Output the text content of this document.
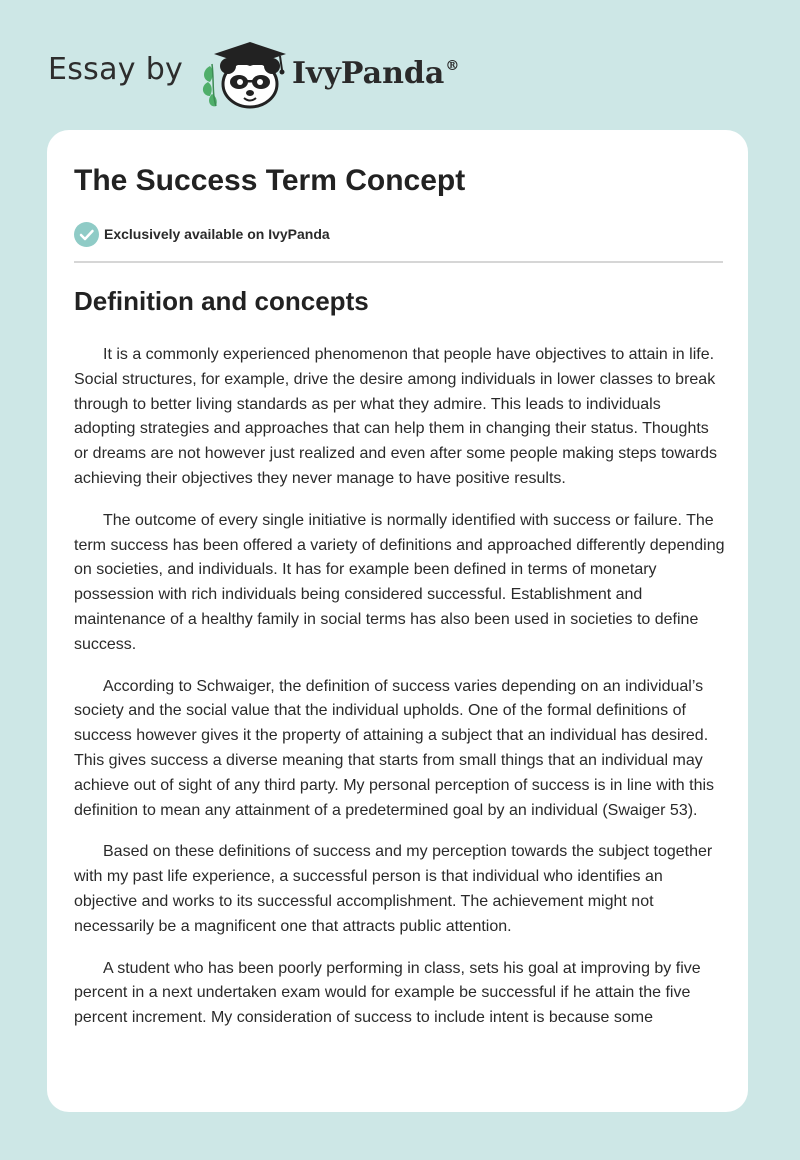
Essay by	IvyPanda®
The Success Term Concept
Exclusively available on IvyPanda
Definition and concepts

It is a commonly experienced phenomenon that people have objectives to attain in life. Social structures, for example, drive the desire among individuals in lower classes to break through to better living standards as per what they admire. This leads to individuals adopting strategies and approaches that can help them in changing their status. Thoughts or dreams are not however just realized and even after some people making steps towards achieving their objectives they never manage to have positive results.

The outcome of every single initiative is normally identified with success or failure. The term success has been offered a variety of definitions and approached differently depending on societies, and individuals. It has for example been defined in terms of monetary possession with rich individuals being considered successful. Establishment and maintenance of a healthy family in social terms has also been used in societies to define success.

According to Schwaiger, the definition of success varies depending on an individual’s society and the social value that the individual upholds. One of the formal definitions of success however gives it the property of attaining a subject that an individual has desired. This gives success a diverse meaning that starts from small things that an individual may achieve out of sight of any third party. My personal perception of success is in line with this definition to mean any attainment of a predetermined goal by an individual (Swaiger 53).

Based on these definitions of success and my perception towards the subject together with my past life experience, a successful person is that individual who identifies an objective and works to its successful accomplishment. The achievement might not necessarily be a magnificent one that attracts public attention.

A student who has been poorly performing in class, sets his goal at improving by five percent in a next undertaken exam would for example be successful if he attain the five percent increment. My consideration of success to include intent is because some
